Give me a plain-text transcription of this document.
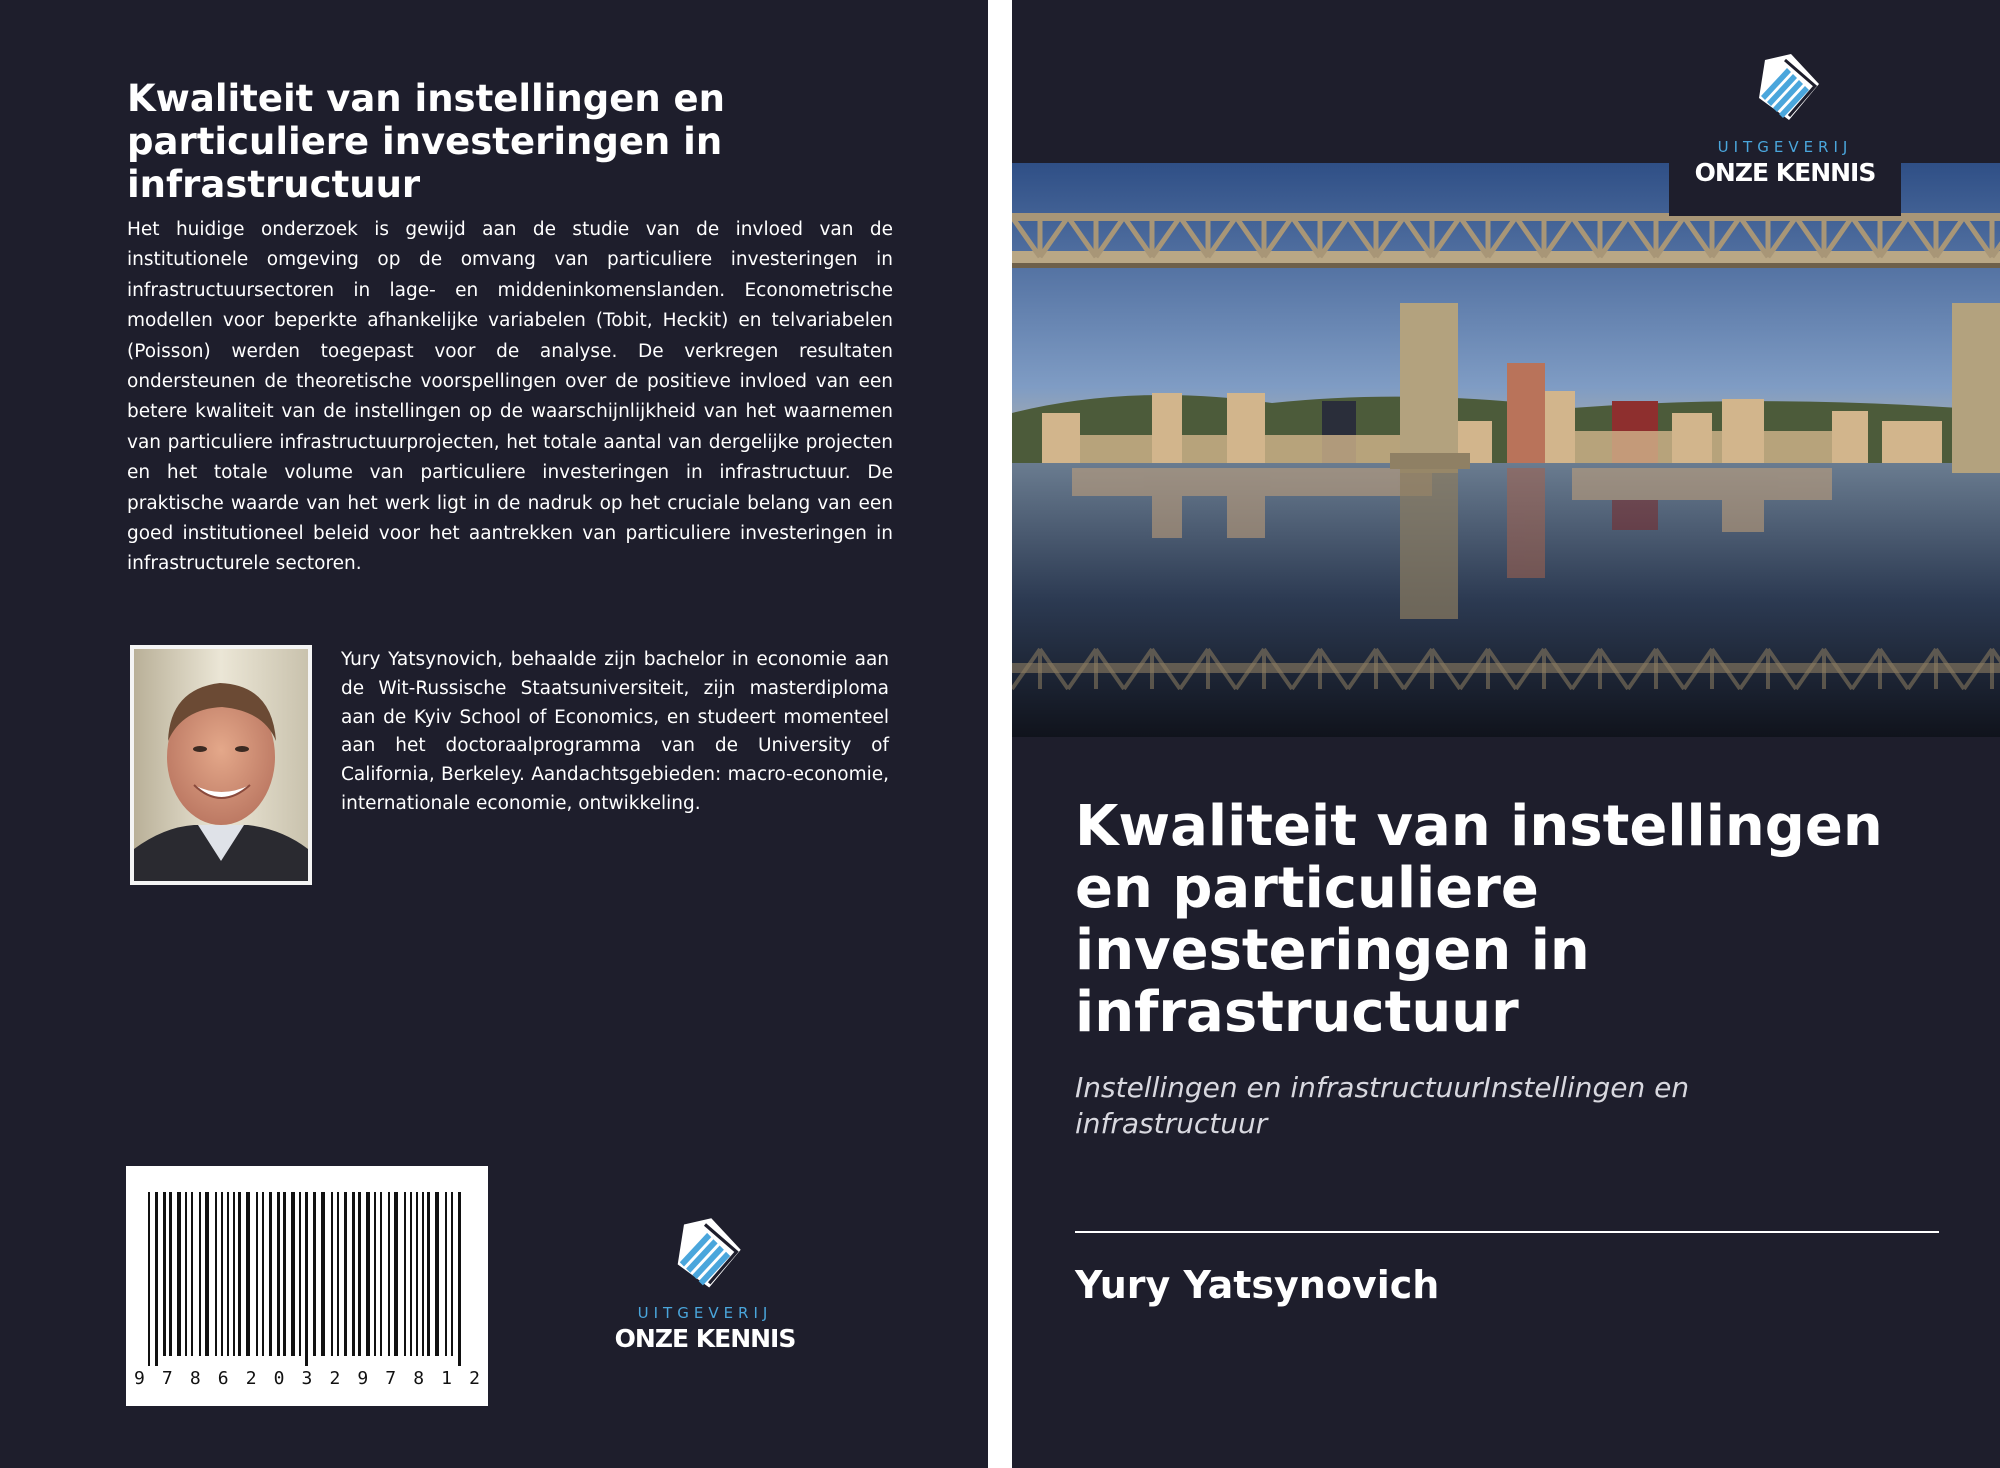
Kwaliteit van instellingen en particuliere investeringen in infrastructuur

Het huidige onderzoek is gewijd aan de studie van de invloed van de institutionele omgeving op de omvang van particuliere investeringen in infrastructuursectoren in lage- en middeninkomenslanden. Econometrische modellen voor beperkte afhankelijke variabelen (Tobit, Heckit) en telvariabelen (Poisson) werden toegepast voor de analyse. De verkregen resultaten ondersteunen de theoretische voorspellingen over de positieve invloed van een betere kwaliteit van de instellingen op de waarschijnlijkheid van het waarnemen van particuliere infrastructuurprojecten, het totale aantal van dergelijke projecten en het totale volume van particuliere investeringen in infrastructuur. De praktische waarde van het werk ligt in de nadruk op het cruciale belang van een goed institutioneel beleid voor het aantrekken van particuliere investeringen in infrastructurele sectoren.

Yury Yatsynovich, behaalde zijn bachelor in economie aan de Wit-Russische Staatsuniversiteit, zijn masterdiploma aan de Kyiv School of Economics, en studeert momenteel aan het doctoraalprogramma van de University of California, Berkeley. Aandachtsgebieden: macro-economie, internationale economie, ontwikkeling.

9 7 8 6 2 0 3 2 9 7 8 1 2
UITGEVERIJ
ONZE KENNIS
UITGEVERIJ
ONZE KENNIS
Kwaliteit van instellingen en particuliere investeringen in infrastructuur

Instellingen en infrastructuurInstellingen en infrastructuur

Yury Yatsynovich
